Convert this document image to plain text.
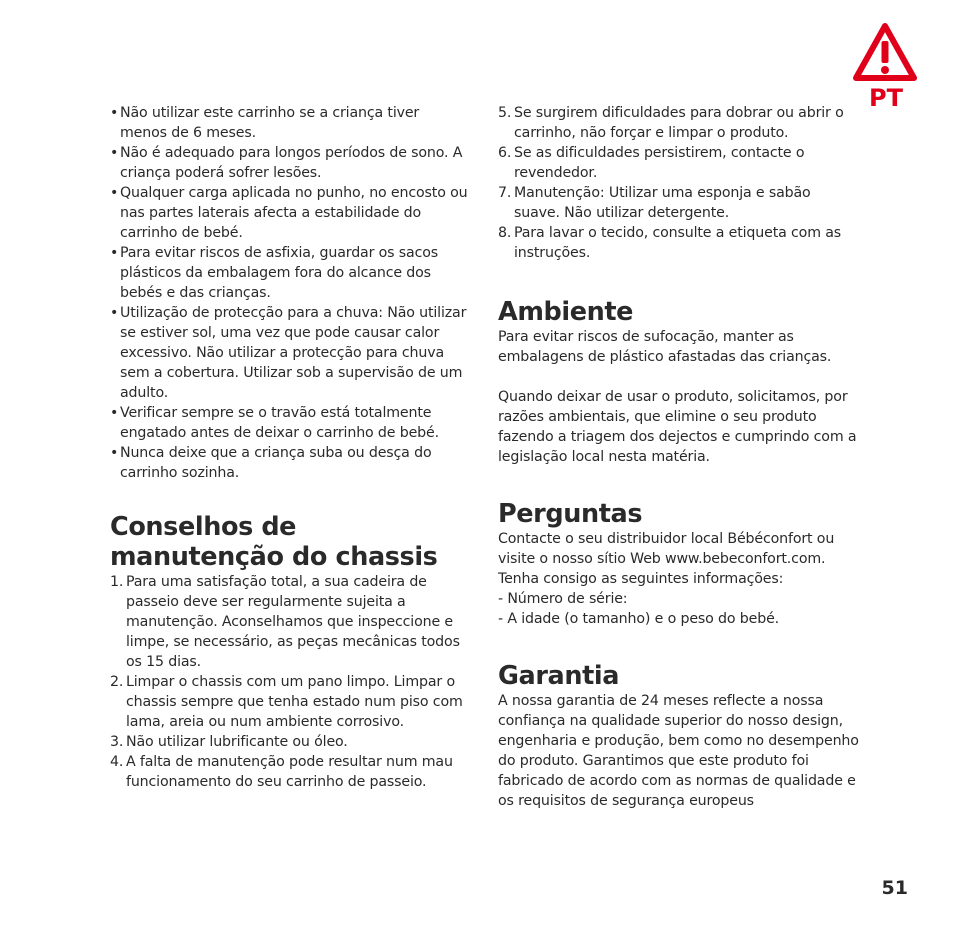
PT
• Não utilizar este carrinho se a criança tiver menos de 6 meses.
• Não é adequado para longos períodos de sono. A criança poderá sofrer lesões.
• Qualquer carga aplicada no punho, no encosto ou nas partes laterais afecta a estabilidade do carrinho de bebé.
• Para evitar riscos de asfixia, guardar os sacos plásticos da embalagem fora do alcance dos bebés e das crianças.
• Utilização de protecção para a chuva: Não utilizar se estiver sol, uma vez que pode causar calor excessivo. Não utilizar a protecção para chuva sem a cobertura. Utilizar sob a supervisão de um adulto.
• Verificar sempre se o travão está totalmente engatado antes de deixar o carrinho de bebé.
• Nunca deixe que a criança suba ou desça do carrinho sozinha.
Conselhos de manutenção do chassis
1. Para uma satisfação total, a sua cadeira de passeio deve ser regularmente sujeita a manutenção. Aconselhamos que inspeccione e limpe, se necessário, as peças mecânicas todos os 15 dias.
2. Limpar o chassis com um pano limpo. Limpar o chassis sempre que tenha estado num piso com lama, areia ou num ambiente corrosivo.
3. Não utilizar lubrificante ou óleo.
4. A falta de manutenção pode resultar num mau funcionamento do seu carrinho de passeio.
5. Se surgirem dificuldades para dobrar ou abrir o carrinho, não forçar e limpar o produto.
6. Se as dificuldades persistirem, contacte o revendedor.
7. Manutenção: Utilizar uma esponja e sabão suave. Não utilizar detergente.
8. Para lavar o tecido, consulte a etiqueta com as instruções.
Ambiente

Para evitar riscos de sufocação, manter as embalagens de plástico afastadas das crianças.

Quando deixar de usar o produto, solicitamos, por razões ambientais, que elimine o seu produto fazendo a triagem dos dejectos e cumprindo com a legislação local nesta matéria.

Perguntas

Contacte o seu distribuidor local Bébéconfort ou visite o nosso sítio Web www.bebeconfort.com.

Tenha consigo as seguintes informações:

- Número de série:

- A idade (o tamanho) e o peso do bebé.

Garantia

A nossa garantia de 24 meses reflecte a nossa confiança na qualidade superior do nosso design, engenharia e produção, bem como no desempenho do produto. Garantimos que este produto foi fabricado de acordo com as normas de qualidade e os requisitos de segurança europeus

51
